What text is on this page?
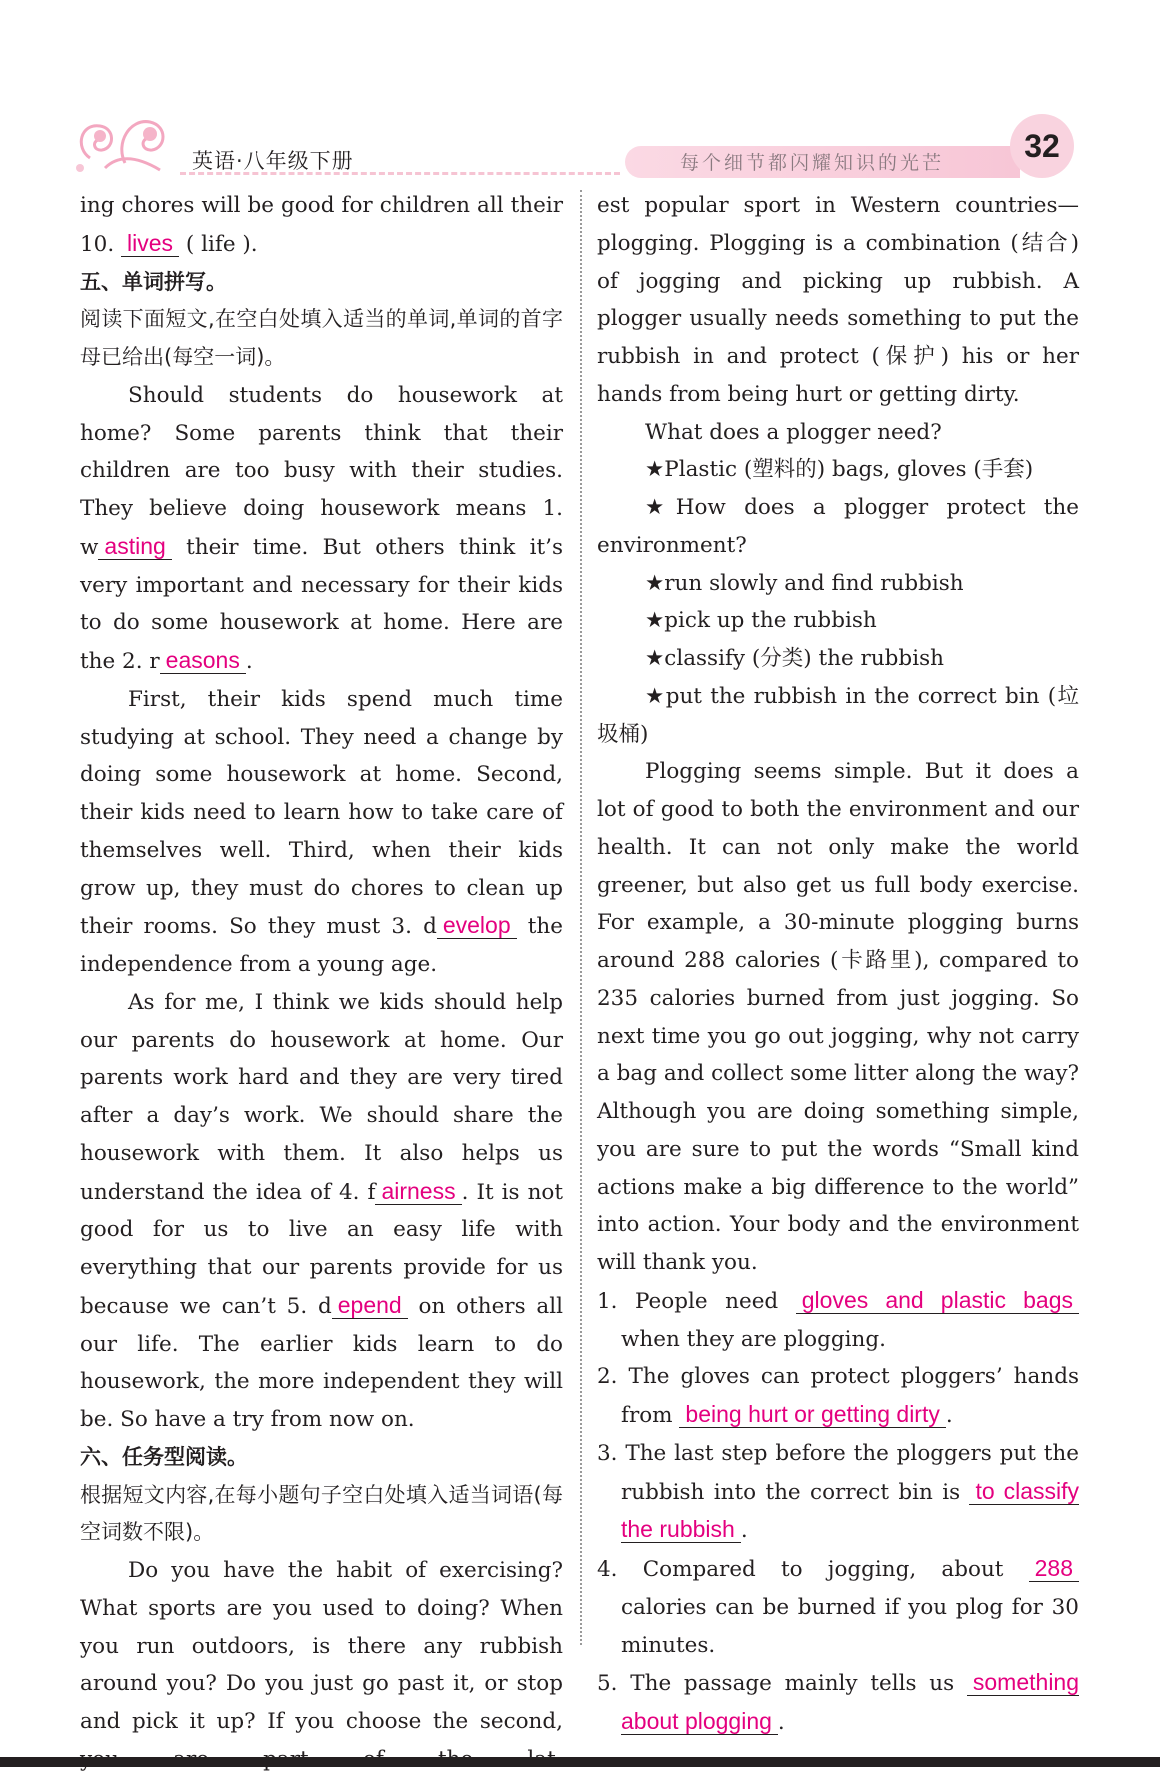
英语·八年级下册	每个细节都闪耀知识的光芒	32

ing chores will be good for children all their

10. lives ( life ).

五、单词拼写。

阅读下面短文,在空白处填入适当的单词,单词的首字母已给出(每空一词)。

Should students do housework at home? Some parents think that their children are too busy with their studies. They believe doing housework means 1. w asting their time. But others think it’s very important and necessary for their kids to do some housework at home. Here are the 2. r easons .

First, their kids spend much time studying at school. They need a change by doing some housework at home. Second, their kids need to learn how to take care of themselves well. Third, when their kids grow up, they must do chores to clean up their rooms. So they must 3. d evelop the independence from a young age.

As for me, I think we kids should help our parents do housework at home. Our parents work hard and they are very tired after a day’s work. We should share the housework with them. It also helps us understand the idea of 4. f airness . It is not good for us to live an easy life with everything that our parents provide for us because we can’t 5. d epend on others all our life. The earlier kids learn to do housework, the more independent they will be. So have a try from now on.

六、任务型阅读。

根据短文内容,在每小题句子空白处填入适当词语(每空词数不限)。

Do you have the habit of exercising? What sports are you used to doing? When you run outdoors, is there any rubbish around you? Do you just go past it, or stop and pick it up? If you choose the second,

est popular sport in Western countries—plogging. Plogging is a combination (结合) of jogging and picking up rubbish. A plogger usually needs something to put the rubbish in and protect (保护) his or her hands from being hurt or getting dirty.

What does a plogger need?

★Plastic (塑料的) bags, gloves (手套)

★How does a plogger protect the environment?

★run slowly and find rubbish

★pick up the rubbish

★classify (分类) the rubbish

★put the rubbish in the correct bin (垃圾桶)

Plogging seems simple. But it does a lot of good to both the environment and our health. It can not only make the world greener, but also get us full body exercise. For example, a 30-minute plogging burns around 288 calories (卡路里), compared to 235 calories burned from just jogging. So next time you go out jogging, why not carry a bag and collect some litter along the way? Although you are doing something simple, you are sure to put the words “Small kind actions make a big difference to the world” into action. Your body and the environment will thank you.

1. People need gloves and plastic bags when they are plogging.

2. The gloves can protect ploggers’ hands from being hurt or getting dirty .

3. The last step before the ploggers put the rubbish into the correct bin is to classify the rubbish .

4. Compared to jogging, about 288 calories can be burned if you plog for 30 minutes.

5. The passage mainly tells us something about plogging .
